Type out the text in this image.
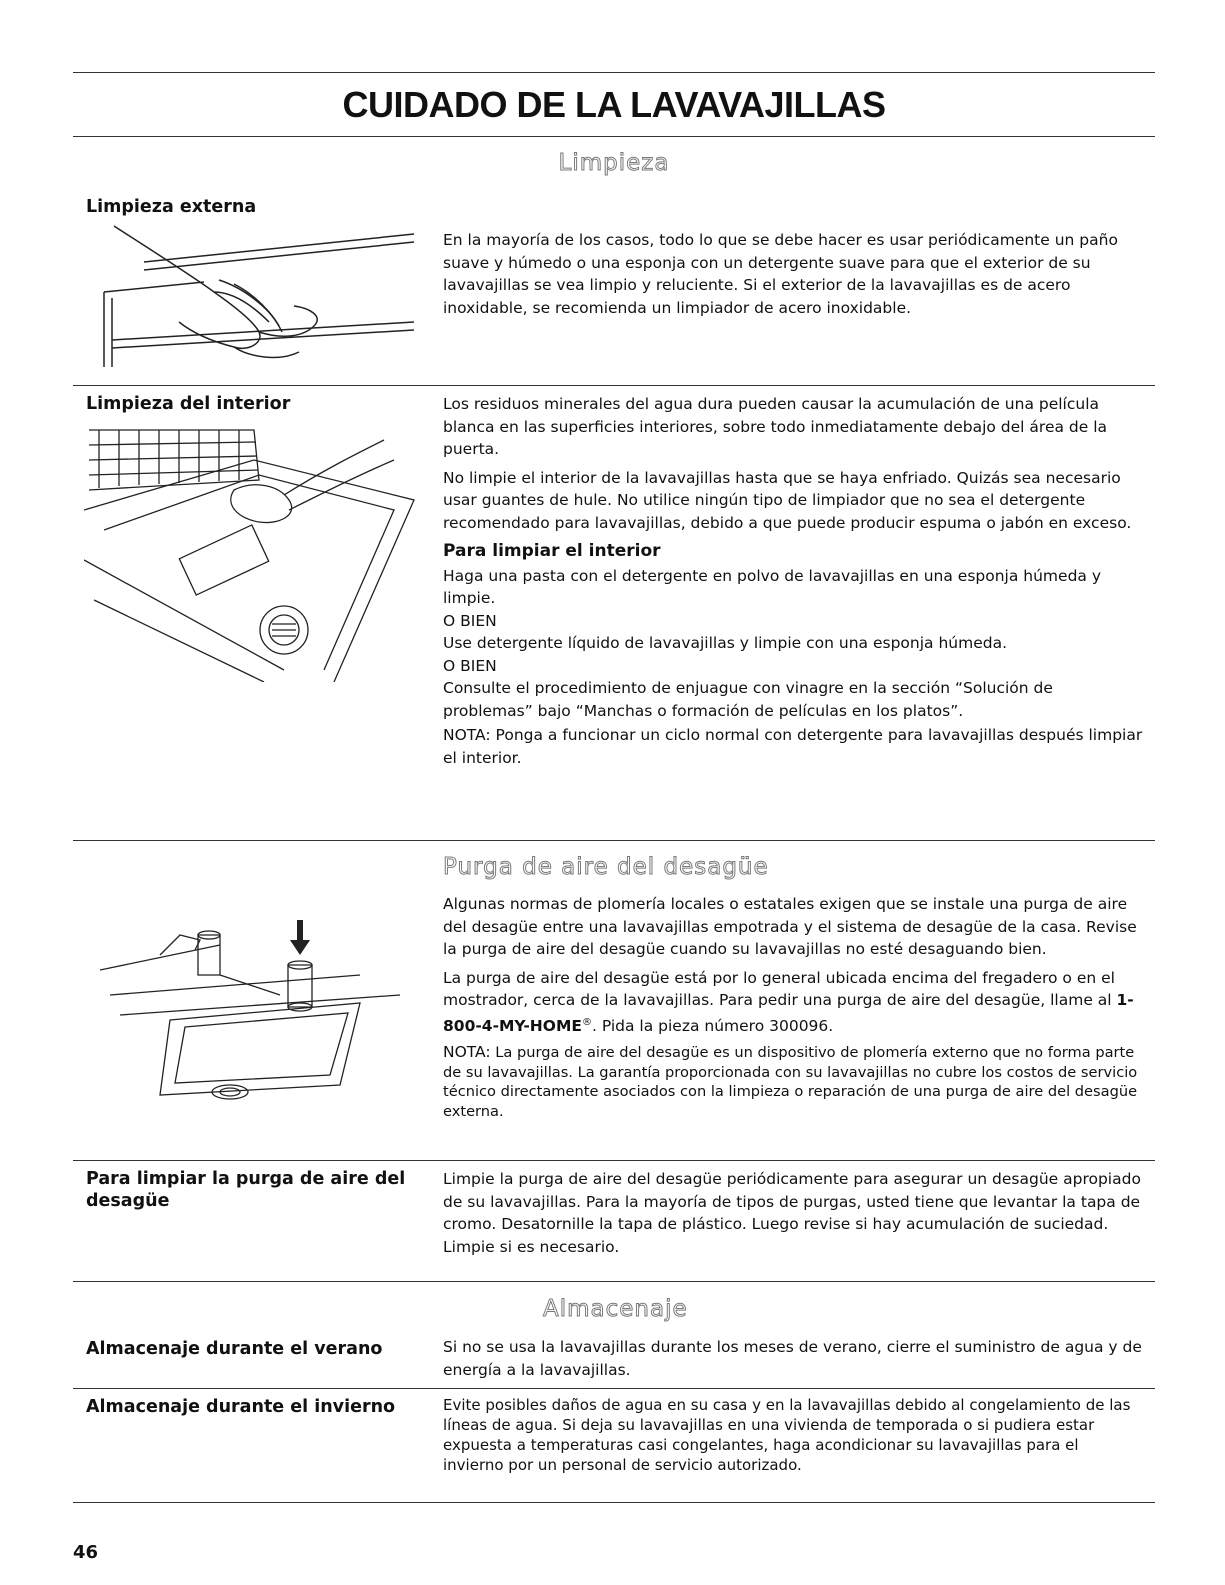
CUIDADO DE LA LAVAVAJILLAS
Limpieza
Limpieza externa

En la mayoría de los casos, todo lo que se debe hacer es usar periódicamente un paño suave y húmedo o una esponja con un detergente suave para que el exterior de su lavavajillas se vea limpio y reluciente. Si el exterior de la lavavajillas es de acero inoxidable, se recomienda un limpiador de acero inoxidable.

Limpieza del interior	Los residuos minerales del agua dura pueden causar la acumulación de una película blanca en las superficies interiores, sobre todo inmediatamente debajo del área de la puerta.

No limpie el interior de la lavavajillas hasta que se haya enfriado. Quizás sea necesario usar guantes de hule. No utilice ningún tipo de limpiador que no sea el detergente recomendado para lavavajillas, debido a que puede producir espuma o jabón en exceso.

Para limpiar el interior

Haga una pasta con el detergente en polvo de lavavajillas en una esponja húmeda y limpie.

O BIEN

Use detergente líquido de lavavajillas y limpie con una esponja húmeda.

O BIEN

Consulte el procedimiento de enjuague con vinagre en la sección “Solución de problemas” bajo “Manchas o formación de películas en los platos”.

NOTA: Ponga a funcionar un ciclo normal con detergente para lavavajillas después limpiar el interior.

Purga de aire del desagüe

Algunas normas de plomería locales o estatales exigen que se instale una purga de aire del desagüe entre una lavavajillas empotrada y el sistema de desagüe de la casa. Revise la purga de aire del desagüe cuando su lavavajillas no esté desaguando bien.

La purga de aire del desagüe está por lo general ubicada encima del fregadero o en el mostrador, cerca de la lavavajillas. Para pedir una purga de aire del desagüe, llame al 1-800-4-MY-HOME®. Pida la pieza número 300096.

NOTA: La purga de aire del desagüe es un dispositivo de plomería externo que no forma parte de su lavavajillas. La garantía proporcionada con su lavavajillas no cubre los costos de servicio técnico directamente asociados con la limpieza o reparación de una purga de aire del desagüe externa.

Para limpiar la purga de aire del desagüe

Limpie la purga de aire del desagüe periódicamente para asegurar un desagüe apropiado de su lavavajillas. Para la mayoría de tipos de purgas, usted tiene que levantar la tapa de cromo. Desatornille la tapa de plástico. Luego revise si hay acumulación de suciedad. Limpie si es necesario.

Almacenaje
Almacenaje durante el verano	Si no se usa la lavavajillas durante los meses de verano, cierre el suministro de agua y de energía a la lavavajillas.

Almacenaje durante el invierno	Evite posibles daños de agua en su casa y en la lavavajillas debido al congelamiento de las líneas de agua. Si deja su lavavajillas en una vivienda de temporada o si pudiera estar expuesta a temperaturas casi congelantes, haga acondicionar su lavavajillas para el invierno por un personal de servicio autorizado.

46
